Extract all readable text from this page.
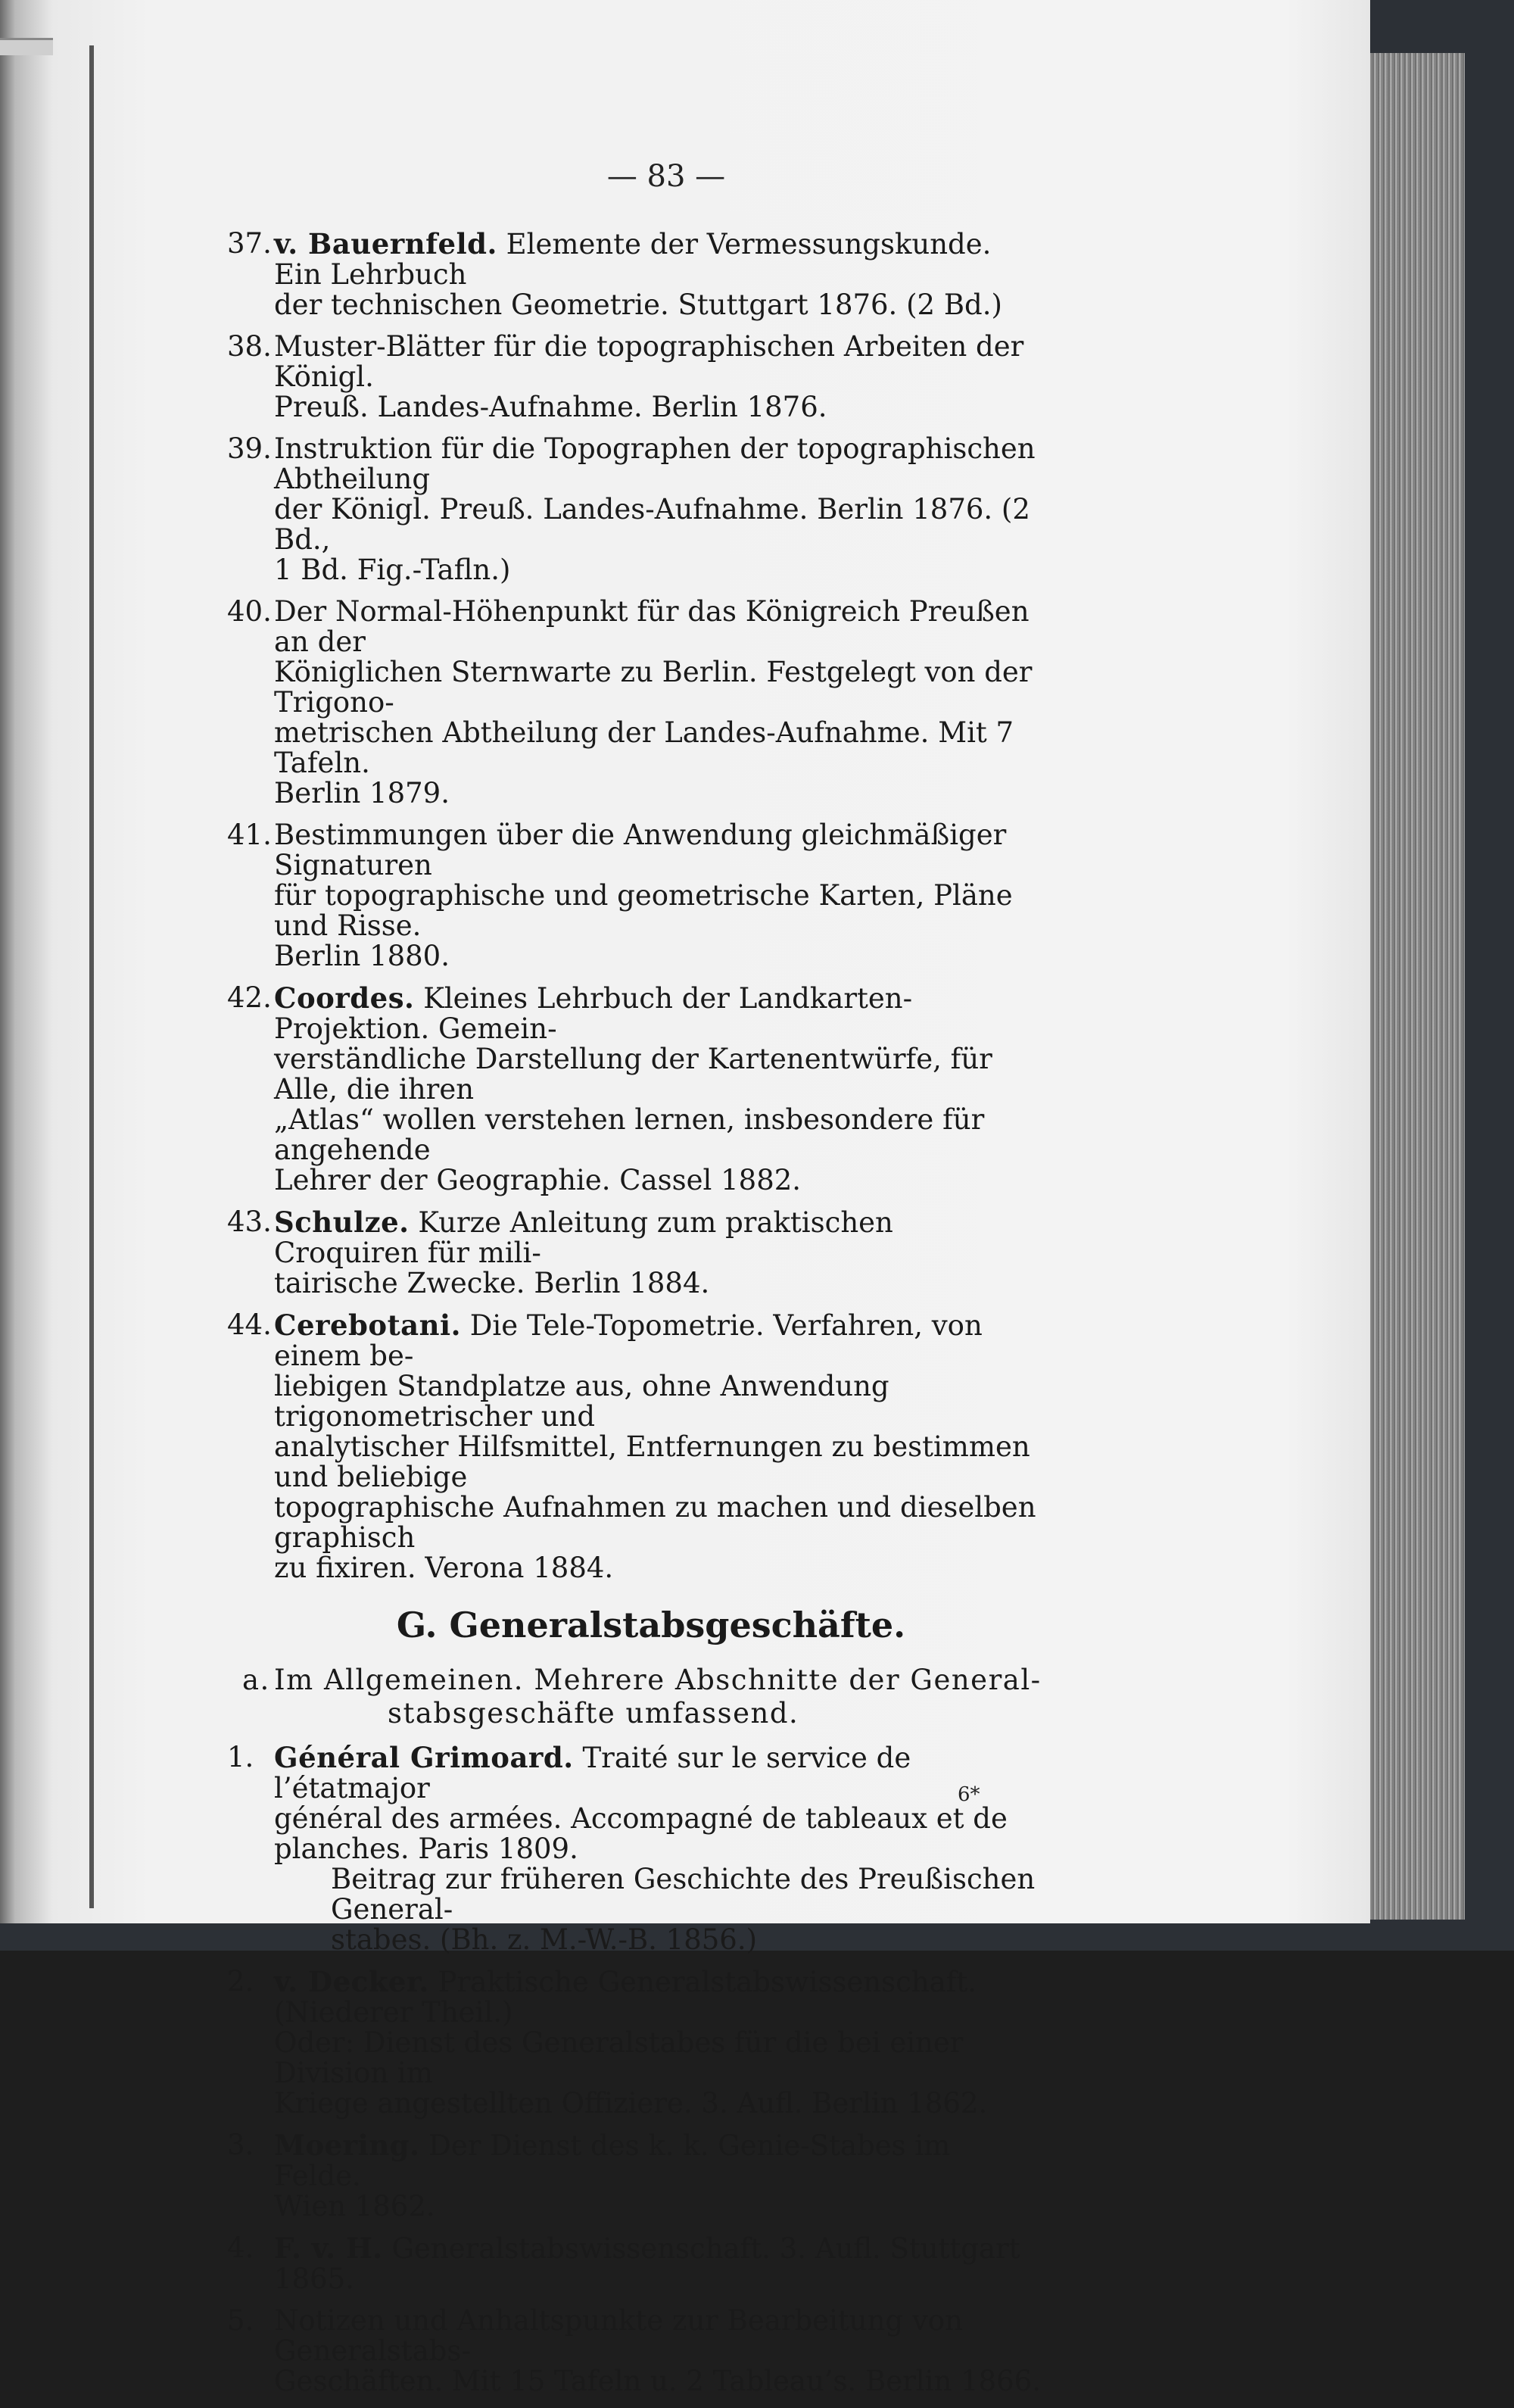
— 83 —
37. v. Bauernfeld. Elemente der Vermessungskunde. Ein Lehrbuch
der technischen Geometrie. Stuttgart 1876. (2 Bd.)
38. Muster-Blätter für die topographischen Arbeiten der Königl.
Preuß. Landes-Aufnahme. Berlin 1876.
39. Instruktion für die Topographen der topographischen Abtheilung
der Königl. Preuß. Landes-Aufnahme. Berlin 1876. (2 Bd.,
1 Bd. Fig.-Tafln.)
40. Der Normal-Höhenpunkt für das Königreich Preußen an der
Königlichen Sternwarte zu Berlin. Festgelegt von der Trigono-
metrischen Abtheilung der Landes-Aufnahme. Mit 7 Tafeln.
Berlin 1879.
41. Bestimmungen über die Anwendung gleichmäßiger Signaturen
für topographische und geometrische Karten, Pläne und Risse.
Berlin 1880.
42. Coordes. Kleines Lehrbuch der Landkarten-Projektion. Gemein-
verständliche Darstellung der Kartenentwürfe, für Alle, die ihren
„Atlas“ wollen verstehen lernen, insbesondere für angehende
Lehrer der Geographie. Cassel 1882.
43. Schulze. Kurze Anleitung zum praktischen Croquiren für mili-
tairische Zwecke. Berlin 1884.
44. Cerebotani. Die Tele-Topometrie. Verfahren, von einem be-
liebigen Standplatze aus, ohne Anwendung trigonometrischer und
analytischer Hilfsmittel, Entfernungen zu bestimmen und beliebige
topographische Aufnahmen zu machen und dieselben graphisch
zu fixiren. Verona 1884.
G. Generalstabsgeschäfte.
a. Im Allgemeinen. Mehrere Abschnitte der General-
stabsgeschäfte umfassend.
1. Général Grimoard. Traité sur le service de l’étatmajor
général des armées. Accompagné de tableaux et de
planches. Paris 1809.
Beitrag zur früheren Geschichte des Preußischen General-
stabes. (Bh. z. M.-W.-B. 1856.)
2. v. Decker. Praktische Generalstabswissenschaft. (Niederer Theil.)
Oder: Dienst des Generalstabes für die bei einer Division im
Kriege angestellten Offiziere. 3. Aufl. Berlin 1862.
3. Moering. Der Dienst des k. k. Genie-Stabes im Felde.
Wien 1862.
4. F. v. H. Generalstabswissenschaft. 3. Aufl. Stuttgart 1865.
5. Notizen und Anhaltspunkte zur Bearbeitung von Generalstabs-
Geschäften. Mit 15 Tafeln u. 2 Tableau’s. Berlin 1866.
6*
